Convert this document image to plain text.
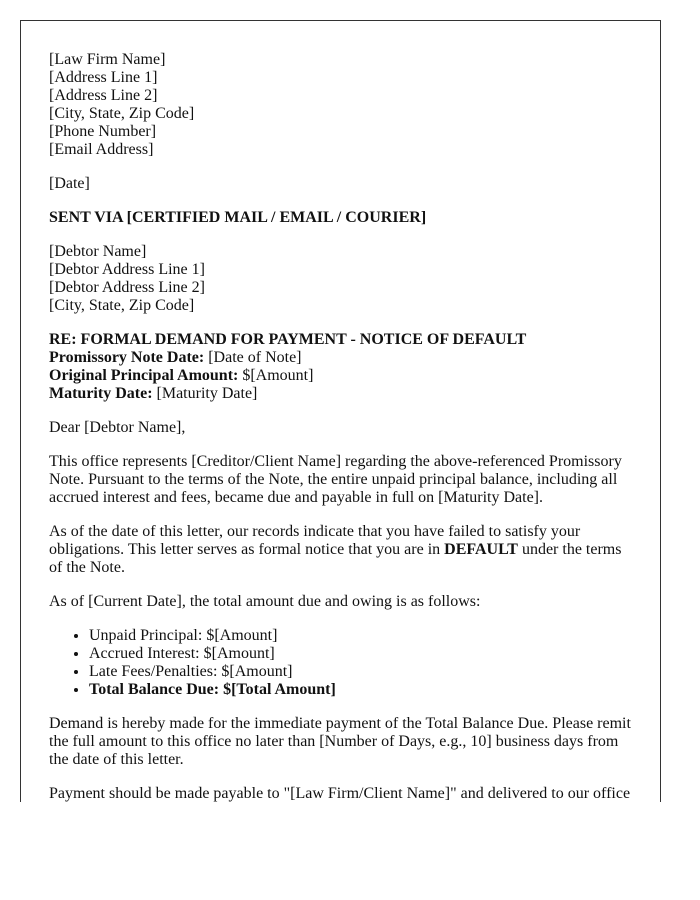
[Law Firm Name]
[Address Line 1]
[Address Line 2]
[City, State, Zip Code]
[Phone Number]
[Email Address]

[Date]

SENT VIA [CERTIFIED MAIL / EMAIL / COURIER]

[Debtor Name]
[Debtor Address Line 1]
[Debtor Address Line 2]
[City, State, Zip Code]
RE: FORMAL DEMAND FOR PAYMENT - NOTICE OF DEFAULT
Promissory Note Date: [Date of Note]
Original Principal Amount: $[Amount]
Maturity Date: [Maturity Date]

Dear [Debtor Name],

This office represents [Creditor/Client Name] regarding the above-referenced Promissory Note. Pursuant to the terms of the Note, the entire unpaid principal balance, including all accrued interest and fees, became due and payable in full on [Maturity Date].

As of the date of this letter, our records indicate that you have failed to satisfy your obligations. This letter serves as formal notice that you are in DEFAULT under the terms of the Note.

As of [Current Date], the total amount due and owing is as follows:

• Unpaid Principal: $[Amount]
• Accrued Interest: $[Amount]
• Late Fees/Penalties: $[Amount]
• Total Balance Due: $[Total Amount]

Demand is hereby made for the immediate payment of the Total Balance Due. Please remit the full amount to this office no later than [Number of Days, e.g., 10] business days from the date of this letter.

Payment should be made payable to "[Law Firm/Client Name]" and delivered to our office
